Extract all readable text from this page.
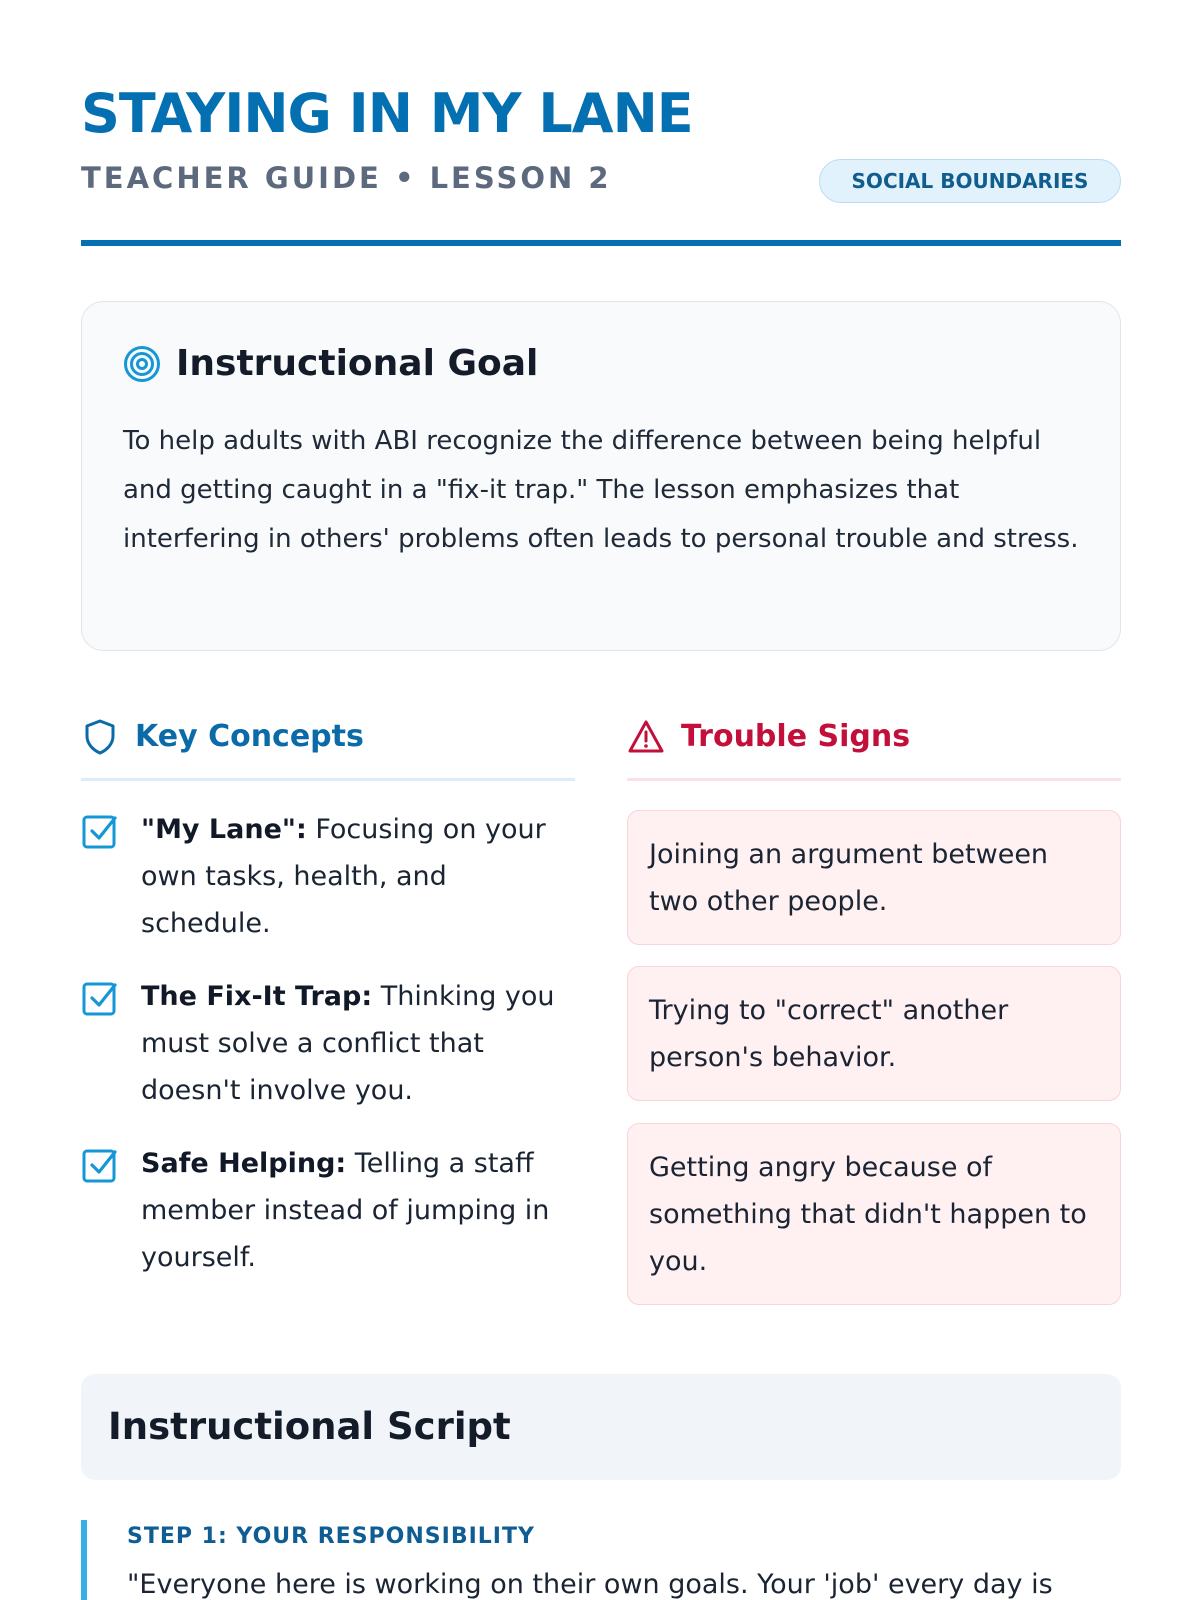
STAYING IN MY LANE
TEACHER GUIDE • LESSON 2	SOCIAL BOUNDARIES
Instructional Goal

To help adults with ABI recognize the difference between being helpful and getting caught in a "fix-it trap." The lesson emphasizes that interfering in others' problems often leads to personal trouble and stress.

Key Concepts

"My Lane": Focusing on your own tasks, health, and schedule.

The Fix-It Trap: Thinking you must solve a conflict that doesn't involve you.

Safe Helping: Telling a staff member instead of jumping in yourself.

Trouble Signs

Joining an argument between two other people.

Trying to "correct" another person's behavior.

Getting angry because of something that didn't happen to you.

Instructional Script
STEP 1: YOUR RESPONSIBILITY

"Everyone here is working on their own goals. Your 'job' every day is
